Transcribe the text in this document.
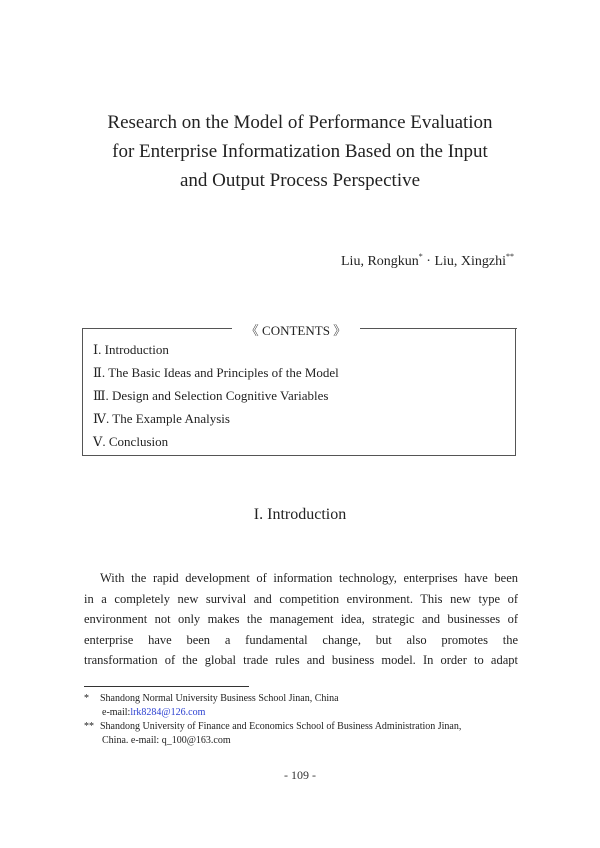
Research on the Model of Performance Evaluation
for Enterprise Informatization Based on the Input
and Output Process Perspective
Liu, Rongkun* · Liu, Xingzhi**
《 CONTENTS 》
Ⅰ. Introduction
Ⅱ. The Basic Ideas and Principles of the Model
Ⅲ. Design and Selection Cognitive Variables
Ⅳ. The Example Analysis
Ⅴ. Conclusion
I. Introduction
With the rapid development of information technology, enterprises have been
in a completely new survival and competition environment. This new type of
environment not only makes the management idea, strategic and businesses of
enterprise have been a fundamental change, but also promotes the
transformation of the global trade rules and business model. In order to adapt
* Shandong Normal University Business School Jinan, China
e-mail:lrk8284@126.com
** Shandong University of Finance and Economics School of Business Administration Jinan,
China. e-mail: q_100@163.com
- 109 -
